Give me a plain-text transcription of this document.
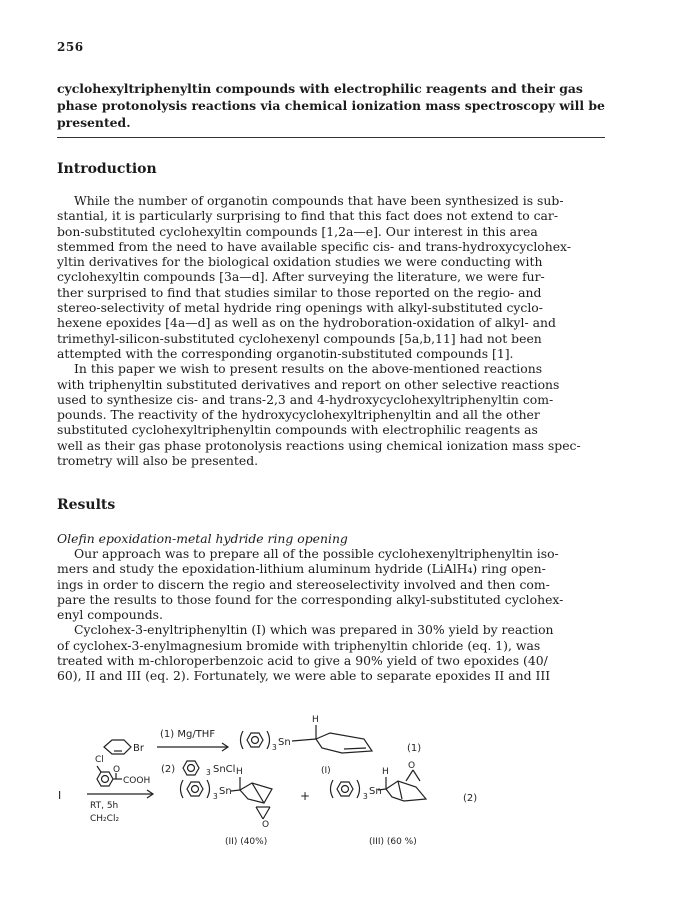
256
cyclohexyltriphenyltin compounds with electrophilic reagents and their gas
phase protonolysis reactions via chemical ionization mass spectroscopy will be
presented.
Introduction
While the number of organotin compounds that have been synthesized is sub-
stantial, it is particularly surprising to find that this fact does not extend to car-
bon-substituted cyclohexyltin compounds [1,2a—e]. Our interest in this area
stemmed from the need to have available specific cis- and trans-hydroxycyclohex-
yltin derivatives for the biological oxidation studies we were conducting with
cyclohexyltin compounds [3a—d]. After surveying the literature, we were fur-
ther surprised to find that studies similar to those reported on the regio- and
stereo-selectivity of metal hydride ring openings with alkyl-substituted cyclo-
hexene epoxides [4a—d] as well as on the hydroboration-oxidation of alkyl- and
trimethyl-silicon-substituted cyclohexenyl compounds [5a,b,11] had not been
attempted with the corresponding organotin-substituted compounds [1].
In this paper we wish to present results on the above-mentioned reactions
with triphenyltin substituted derivatives and report on other selective reactions
used to synthesize cis- and trans-2,3 and 4-hydroxycyclohexyltriphenyltin com-
pounds. The reactivity of the hydroxycyclohexyltriphenyltin and all the other
substituted cyclohexyltriphenyltin compounds with electrophilic reagents as
well as their gas phase protonolysis reactions using chemical ionization mass spec-
trometry will also be presented.
Results
Olefin epoxidation-metal hydride ring opening
Our approach was to prepare all of the possible cyclohexenyltriphenyltin iso-
mers and study the epoxidation-lithium aluminum hydride (LiAlH₄) ring open-
ings in order to discern the regio and stereoselectivity involved and then com-
pare the results to those found for the corresponding alkyl-substituted cyclohex-
enyl compounds.
Cyclohex-3-enyltriphenyltin (I) which was prepared in 30% yield by reaction
of cyclohex-3-enylmagnesium bromide with triphenyltin chloride (eq. 1), was
treated with m-chloroperbenzoic acid to give a 90% yield of two epoxides (40/
60), II and III (eq. 2). Fortunately, we were able to separate epoxides II and III
Br
(1) Mg/THF
(2)	3 SnCl
3 Sn
H
(I)
(1)
I
Cl
O
COOH
RT, 5h
CH₂Cl₂
3 Sn
H
O
+	3 Sn
H
O
(II) (40%)	(III) (60 %)
(2)
